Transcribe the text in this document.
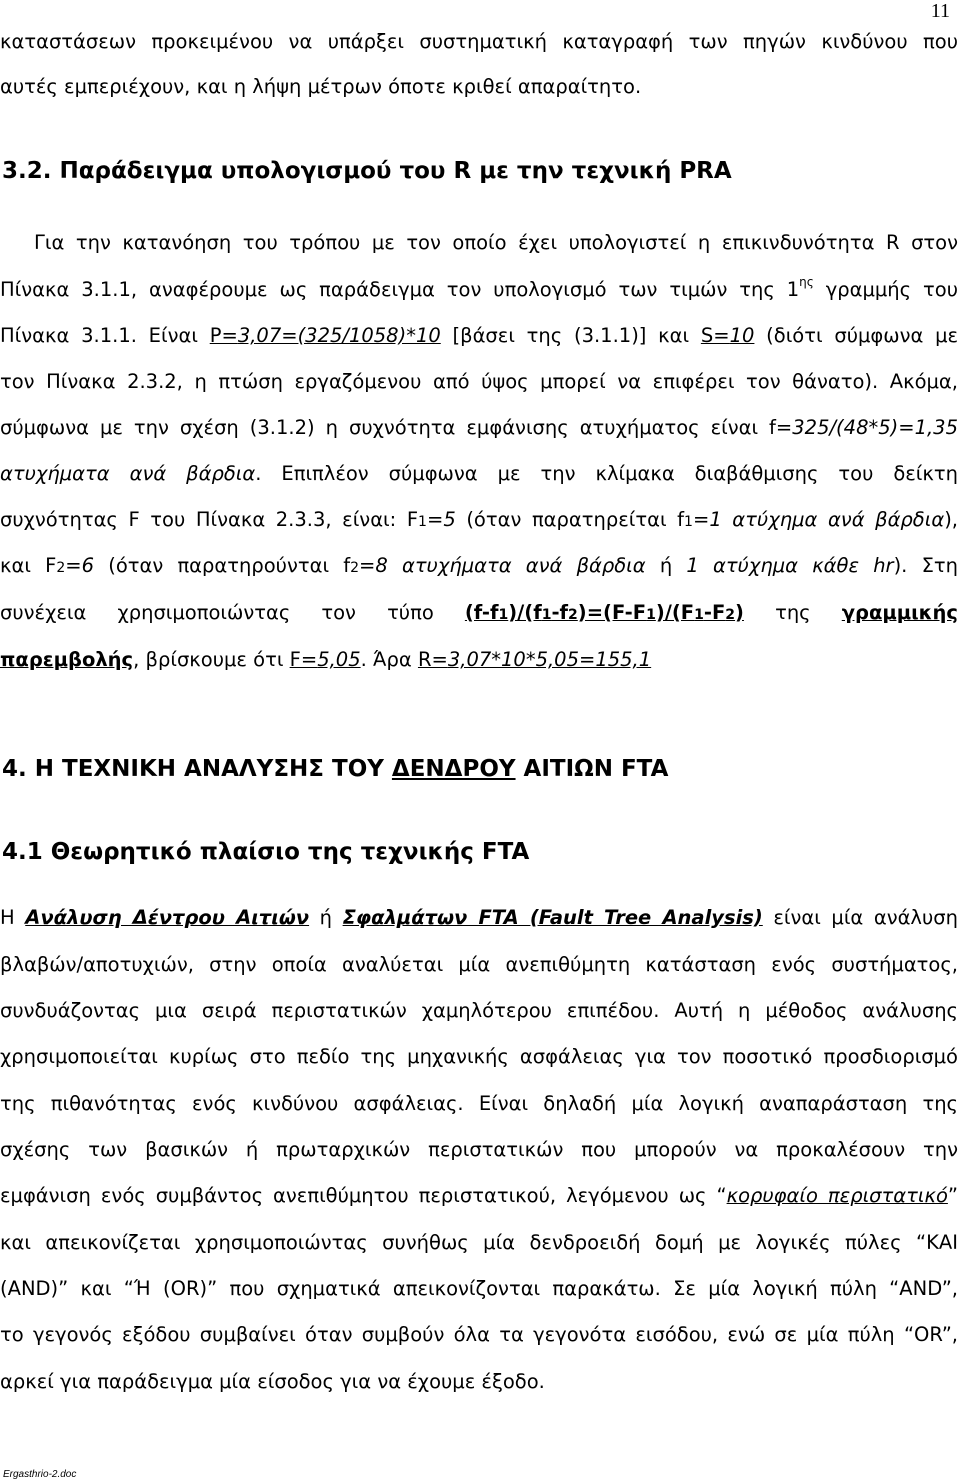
11
καταστάσεων προκειμένου να υπάρξει συστηματική καταγραφή των πηγών κινδύνου που
αυτές εμπεριέχουν, και η λήψη μέτρων όποτε κριθεί απαραίτητο.
3.2. Παράδειγμα υπολογισμού του R με την τεχνική PRA
Για την κατανόηση του τρόπου με τον οποίο έχει υπολογιστεί η επικινδυνότητα R στον
Πίνακα 3.1.1, αναφέρουμε ως παράδειγμα τον υπολογισμό των τιμών της $1^{\eta\varsigma}$ γραμμής του
Πίνακα 3.1.1. Είναι P=3,07=(325/1058)*10 [βάσει της (3.1.1)] και S=10 (διότι σύμφωνα με
τον Πίνακα 2.3.2, η πτώση εργαζόμενου από ύψος μπορεί να επιφέρει τον θάνατο). Ακόμα,
σύμφωνα με την σχέση (3.1.2) η συχνότητα εμφάνισης ατυχήματος είναι f=325/(48*5)=1,35
ατυχήματα ανά βάρδια. Επιπλέον σύμφωνα με την κλίμακα διαβάθμισης του δείκτη
συχνότητας F του Πίνακα 2.3.3, είναι: F1=5 (όταν παρατηρείται f1=1 ατύχημα ανά βάρδια),
και F2=6 (όταν παρατηρούνται f2=8 ατυχήματα ανά βάρδια ή 1 ατύχημα κάθε hr). Στη
συνέχεια χρησιμοποιώντας τον τύπο (f-f1)/(f1-f2)=(F-F1)/(F1-F2) της γραμμικής
παρεμβολής, βρίσκουμε ότι F=5,05. Άρα R=3,07*10*5,05=155,1
4. Η ΤΕΧΝΙΚΗ ΑΝΑΛΥΣΗΣ ΤΟΥ ΔΕΝΔΡΟΥ ΑΙΤΙΩΝ FTA
4.1 Θεωρητικό πλαίσιο της τεχνικής FTA
Η Ανάλυση Δέντρου Αιτιών ή Σφαλμάτων FTA (Fault Tree Analysis) είναι μία ανάλυση
βλαβών/αποτυχιών, στην οποία αναλύεται μία ανεπιθύμητη κατάσταση ενός συστήματος,
συνδυάζοντας μια σειρά περιστατικών χαμηλότερου επιπέδου. Αυτή η μέθοδος ανάλυσης
χρησιμοποιείται κυρίως στο πεδίο της μηχανικής ασφάλειας για τον ποσοτικό προσδιορισμό
της πιθανότητας ενός κινδύνου ασφάλειας. Είναι δηλαδή μία λογική αναπαράσταση της
σχέσης των βασικών ή πρωταρχικών περιστατικών που μπορούν να προκαλέσουν την
εμφάνιση ενός συμβάντος ανεπιθύμητου περιστατικού, λεγόμενου ως “κορυφαίο περιστατικό”
και απεικονίζεται χρησιμοποιώντας συνήθως μία δενδροειδή δομή με λογικές πύλες “ΚΑΙ
(AND)” και “Ή (OR)” που σχηματικά απεικονίζονται παρακάτω. Σε μία λογική πύλη “AND”,
το γεγονός εξόδου συμβαίνει όταν συμβούν όλα τα γεγονότα εισόδου, ενώ σε μία πύλη “OR”,
αρκεί για παράδειγμα μία είσοδος για να έχουμε έξοδο.
Ergasthrio-2.doc
